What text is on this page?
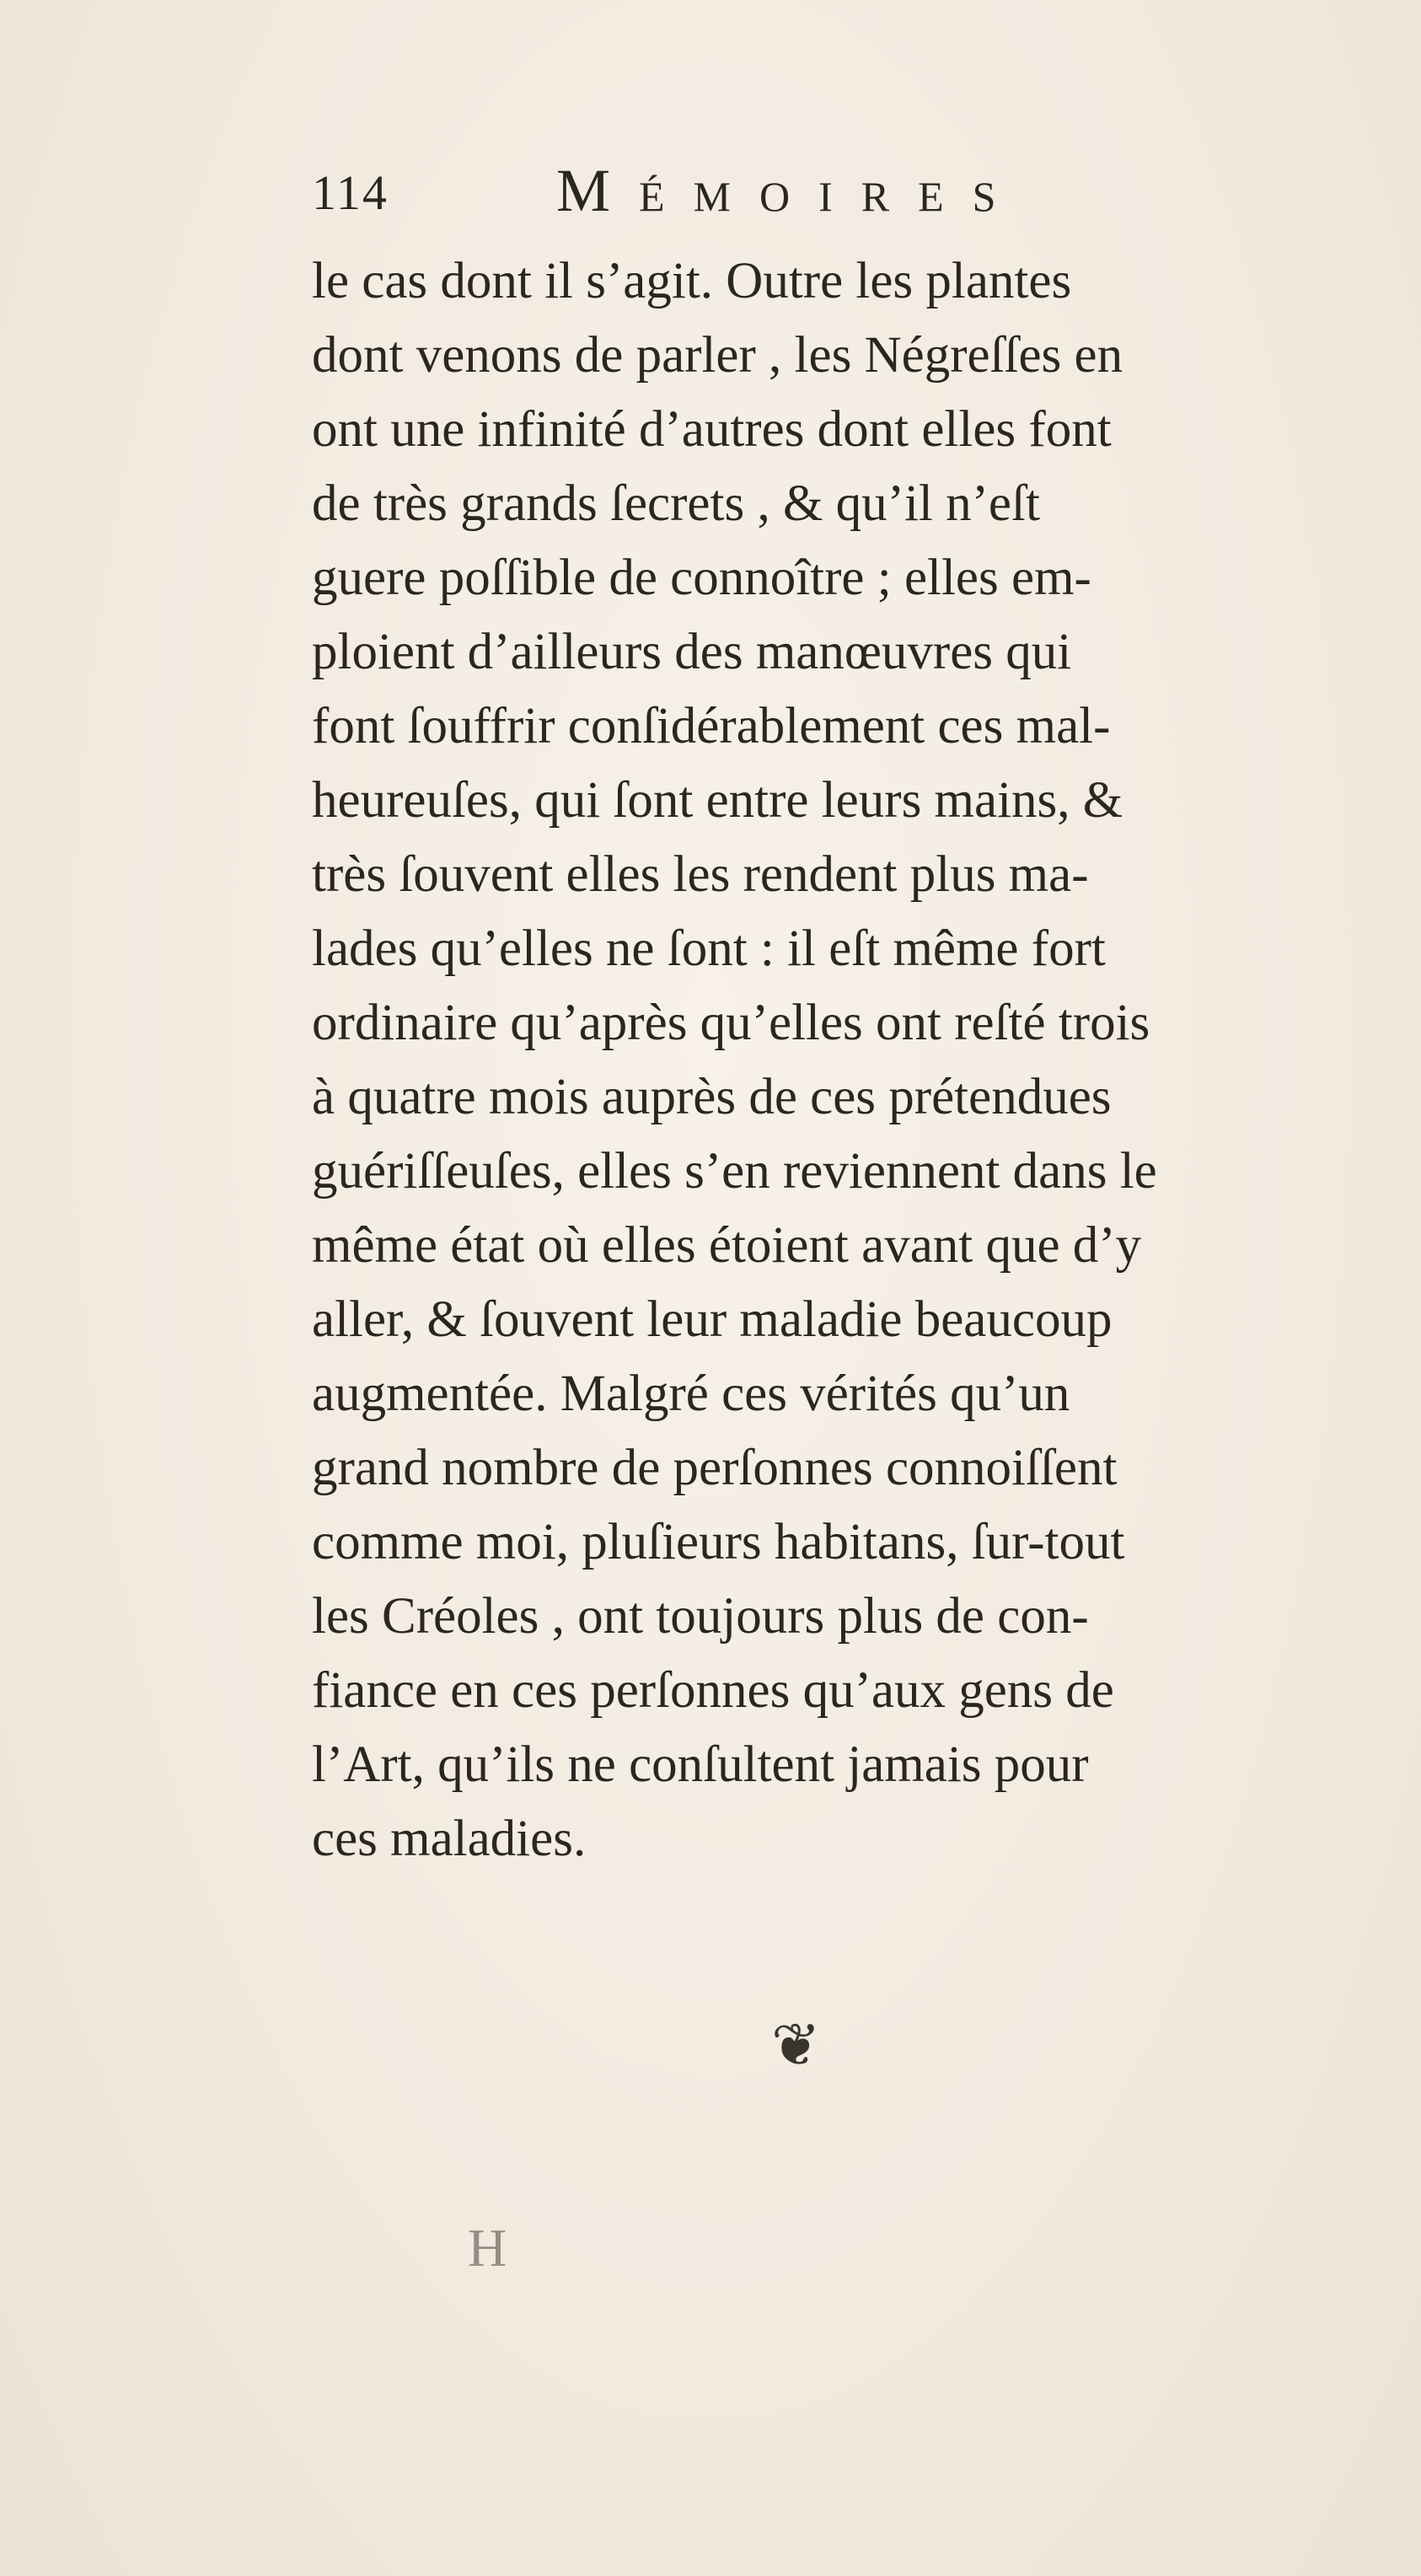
114	Mémoires
le cas dont il s’agit. Outre les plantes
dont venons de parler , les Négreſſes en
ont une infinité d’autres dont elles font
de très grands ſecrets , & qu’il n’eſt
guere poſſible de connoître ; elles em-
ploient d’ailleurs des manœuvres qui
font ſouffrir conſidérablement ces mal-
heureuſes, qui ſont entre leurs mains, &
très ſouvent elles les rendent plus ma-
lades qu’elles ne ſont : il eſt même fort
ordinaire qu’après qu’elles ont reſté trois
à quatre mois auprès de ces prétendues
guériſſeuſes, elles s’en reviennent dans le
même état où elles étoient avant que d’y
aller, & ſouvent leur maladie beaucoup
augmentée. Malgré ces vérités qu’un
grand nombre de perſonnes connoiſſent
comme moi, pluſieurs habitans, ſur-tout
les Créoles , ont toujours plus de con-
fiance en ces perſonnes qu’aux gens de
l’Art, qu’ils ne conſultent jamais pour
ces maladies.
❦
H
